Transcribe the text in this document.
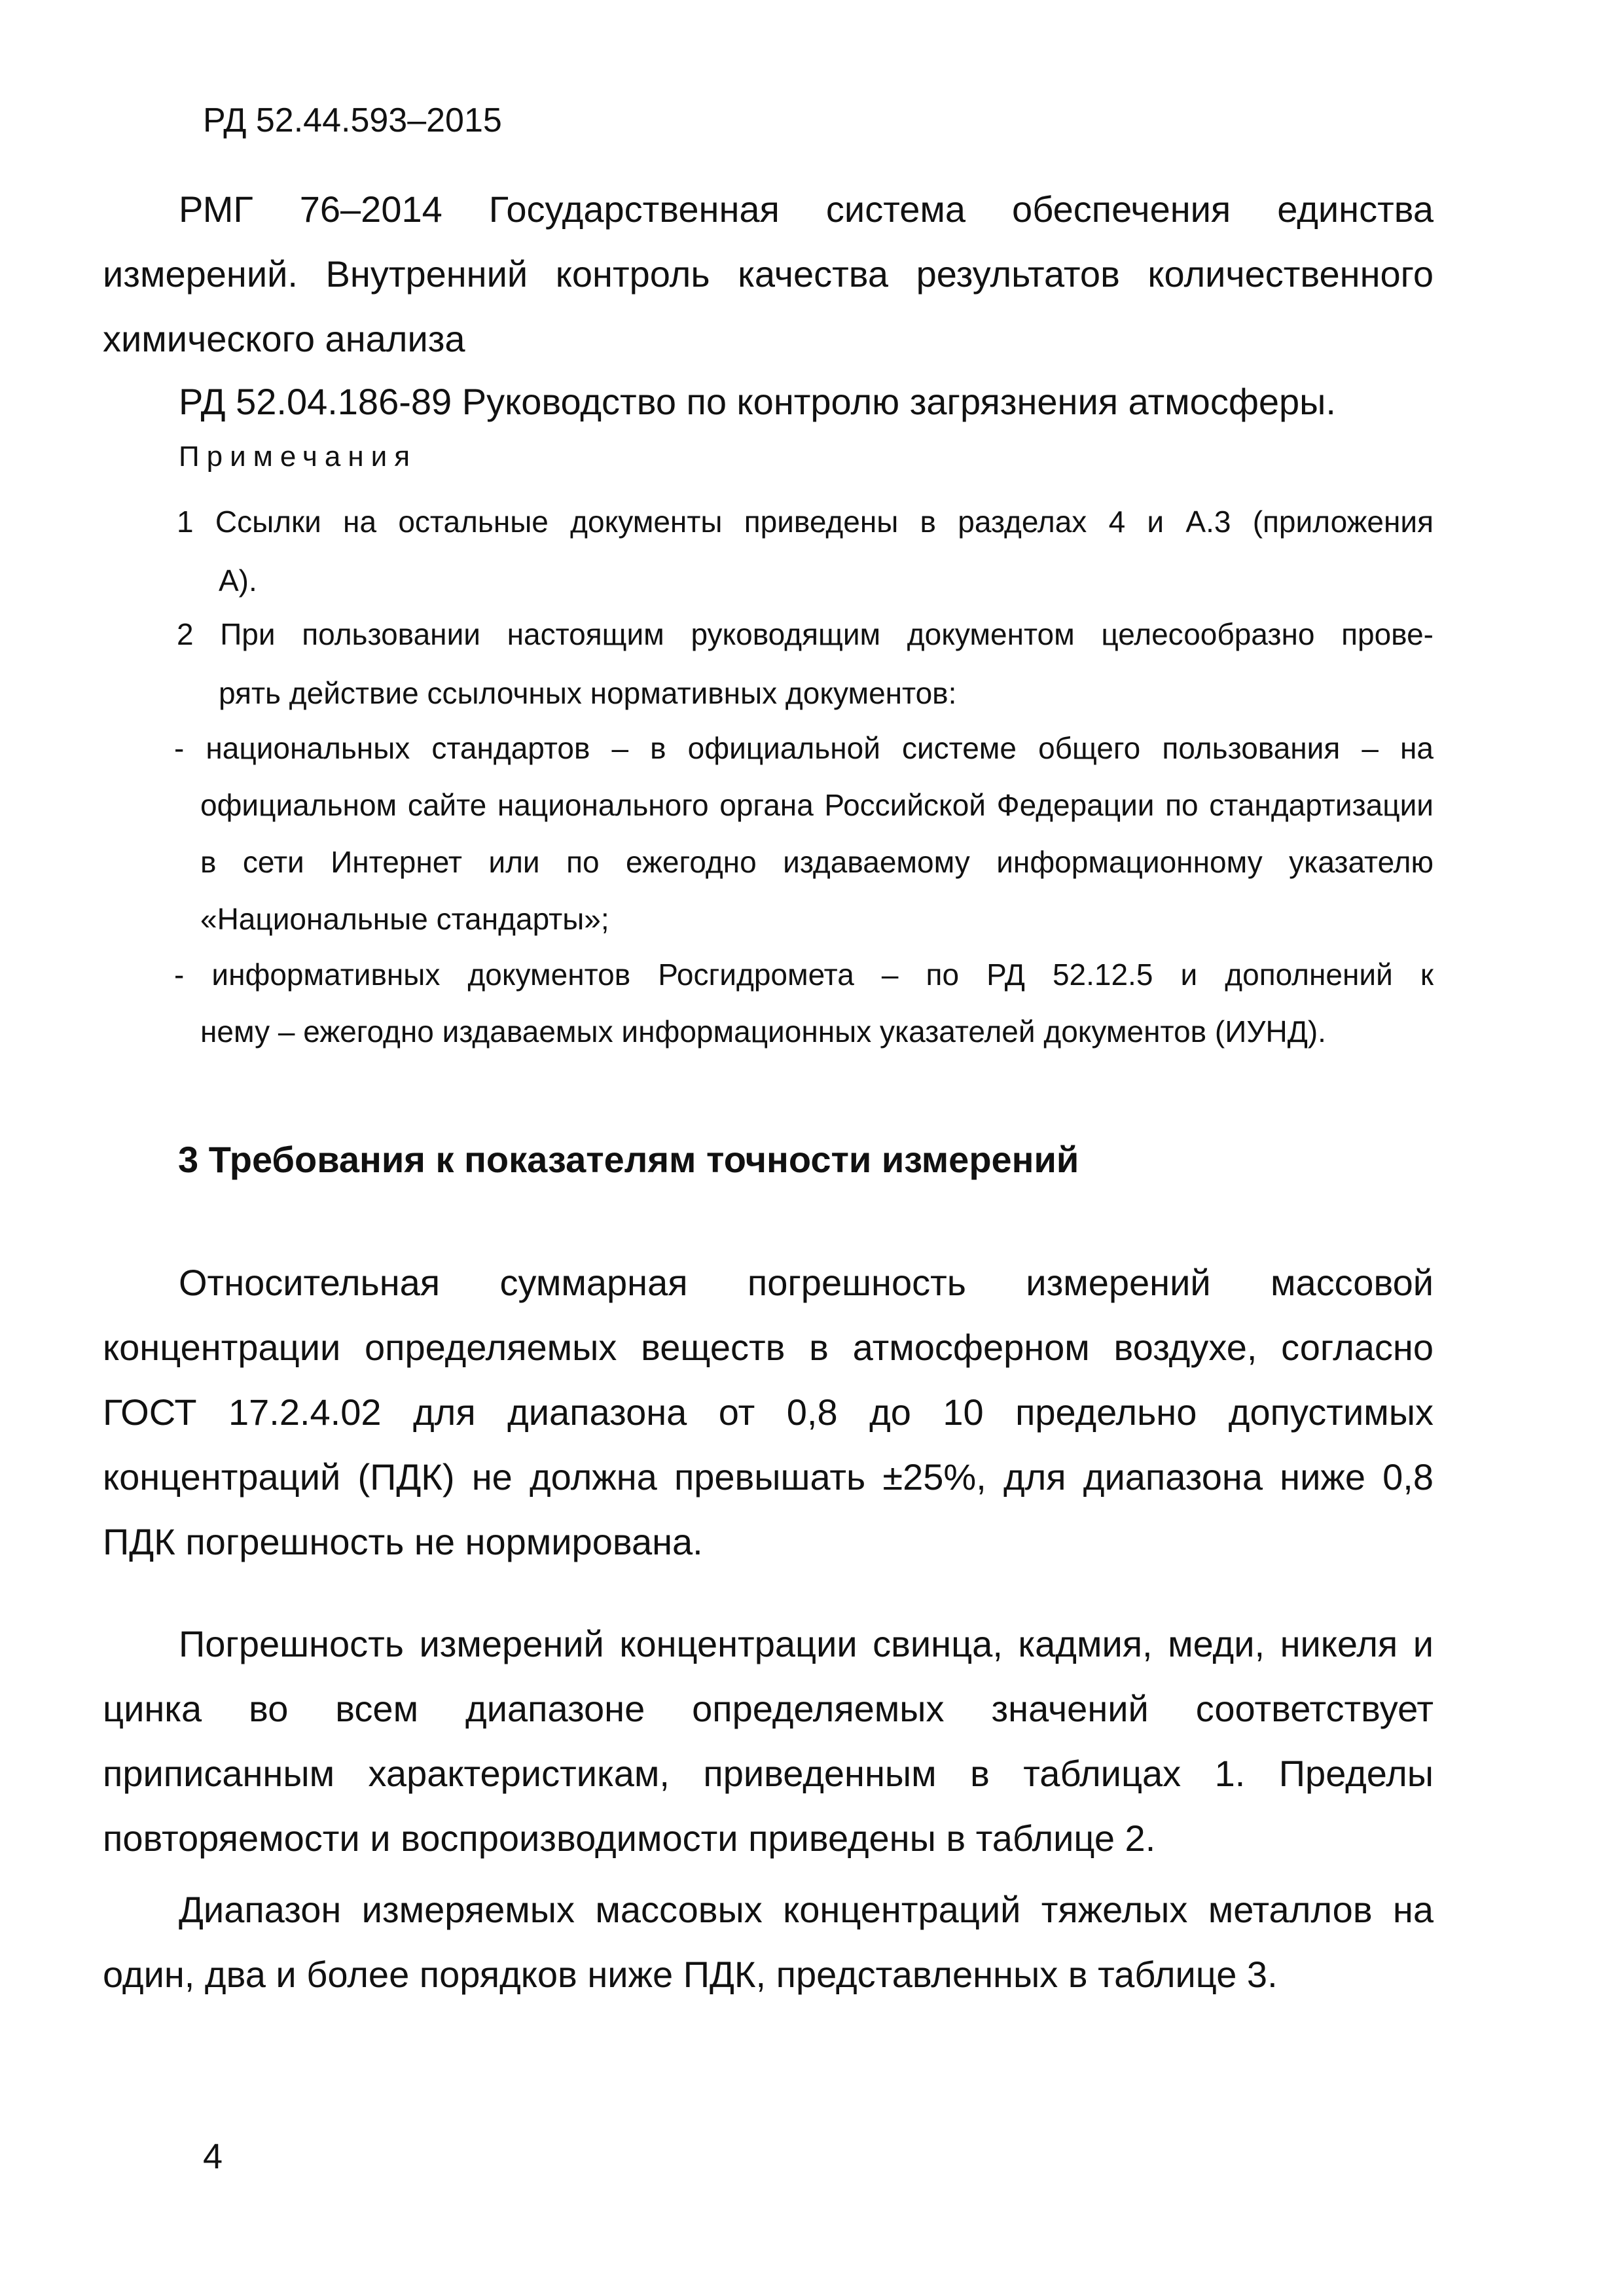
РД 52.44.593–2015

РМГ 76–2014 Государственная система обеспечения единства измерений. Внутренний контроль качества результатов количественного химического анализа

РД 52.04.186-89 Руководство по контролю загрязнения атмосферы.

Примечания

1 Ссылки на остальные документы приведены в разделах 4 и А.3 (приложения
А).

2 При пользовании настоящим руководящим документом целесообразно прове-
рять действие ссылочных нормативных документов:

- национальных стандартов – в официальной системе общего пользования – на
официальном сайте национального органа Российской Федерации по стандартизации в сети Интернет или по ежегодно издаваемому информационному указателю «Национальные стандарты»;

- информативных документов Росгидромета – по РД 52.12.5 и дополнений к
нему – ежегодно издаваемых информационных указателей документов (ИУНД).

3 Требования к показателям точности измерений

Относительная суммарная погрешность измерений массовой концентрации определяемых веществ в атмосферном воздухе, согласно ГОСТ 17.2.4.02 для диапазона от 0,8 до 10 предельно допустимых концентраций (ПДК) не должна превышать ±25%, для диапазона ниже 0,8 ПДК погрешность не нормирована.

Погрешность измерений концентрации свинца, кадмия, меди, никеля и цинка во всем диапазоне определяемых значений соответствует приписанным характеристикам, приведенным в таблицах 1. Пределы повторяемости и воспроизводимости приведены в таблице 2.

Диапазон измеряемых массовых концентраций тяжелых металлов на один, два и более порядков ниже ПДК, представленных в таблице 3.

4
